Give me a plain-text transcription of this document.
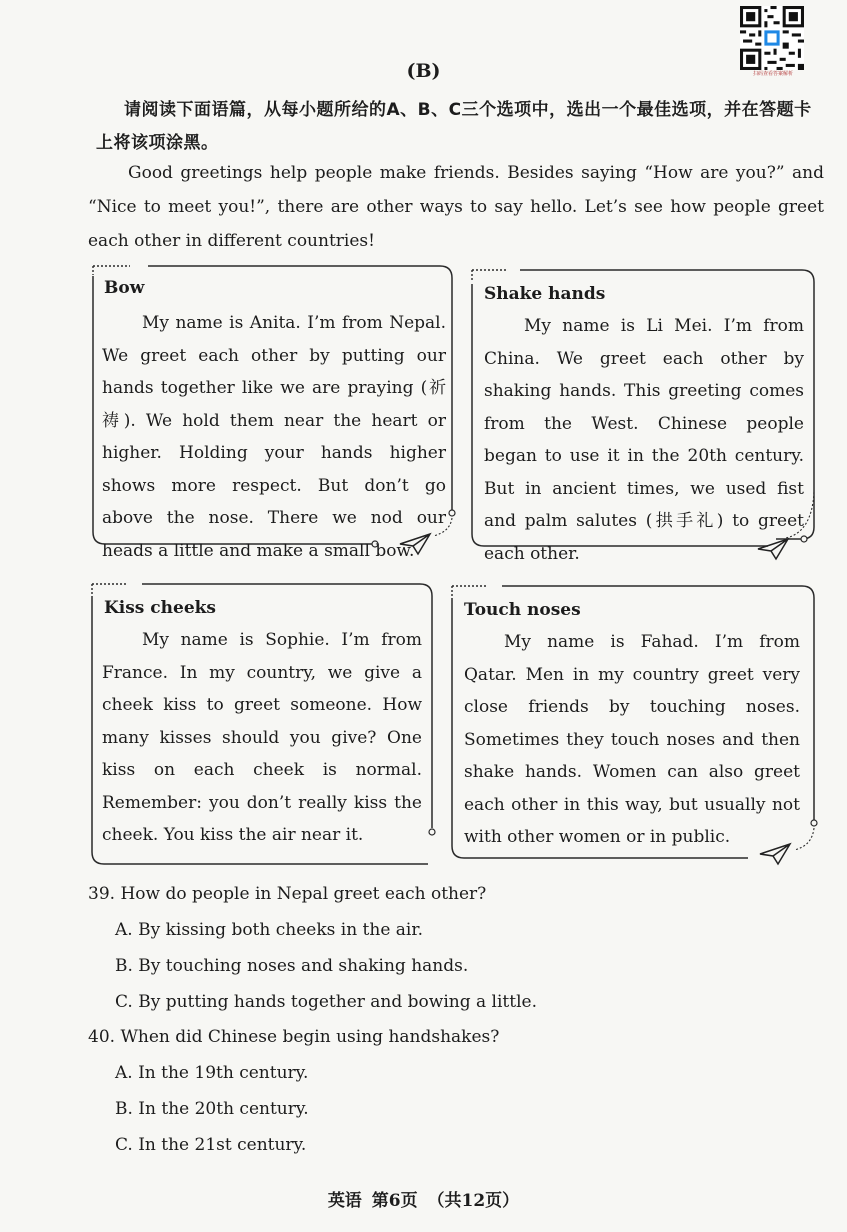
扫码查看答案解析
(B)
请阅读下面语篇，从每小题所给的A、B、C三个选项中，选出一个最佳选项，并在答题卡上将该项涂黑。
Good greetings help people make friends. Besides saying “How are you?” and “Nice to meet you!”, there are other ways to say hello. Let’s see how people greet each other in different countries!
Bow
My name is Anita. I’m from Nepal. We greet each other by putting our hands together like we are praying (祈祷). We hold them near the heart or higher. Holding your hands higher shows more respect. But don’t go above the nose. There we nod our heads a little and make a small bow.
Shake hands
My name is Li Mei. I’m from China. We greet each other by shaking hands. This greeting comes from the West. Chinese people began to use it in the 20th century. But in ancient times, we used fist and palm salutes (拱手礼) to greet each other.
Kiss cheeks
My name is Sophie. I’m from France. In my country, we give a cheek kiss to greet someone. How many kisses should you give? One kiss on each cheek is normal. Remember: you don’t really kiss the cheek. You kiss the air near it.
Touch noses
My name is Fahad. I’m from Qatar. Men in my country greet very close friends by touching noses. Sometimes they touch noses and then shake hands. Women can also greet each other in this way, but usually not with other women or in public.
39. How do people in Nepal greet each other?
A. By kissing both cheeks in the air.
B. By touching noses and shaking hands.
C. By putting hands together and bowing a little.
40. When did Chinese begin using handshakes?
A. In the 19th century.
B. In the 20th century.
C. In the 21st century.
英语 第6页 （共12页）
